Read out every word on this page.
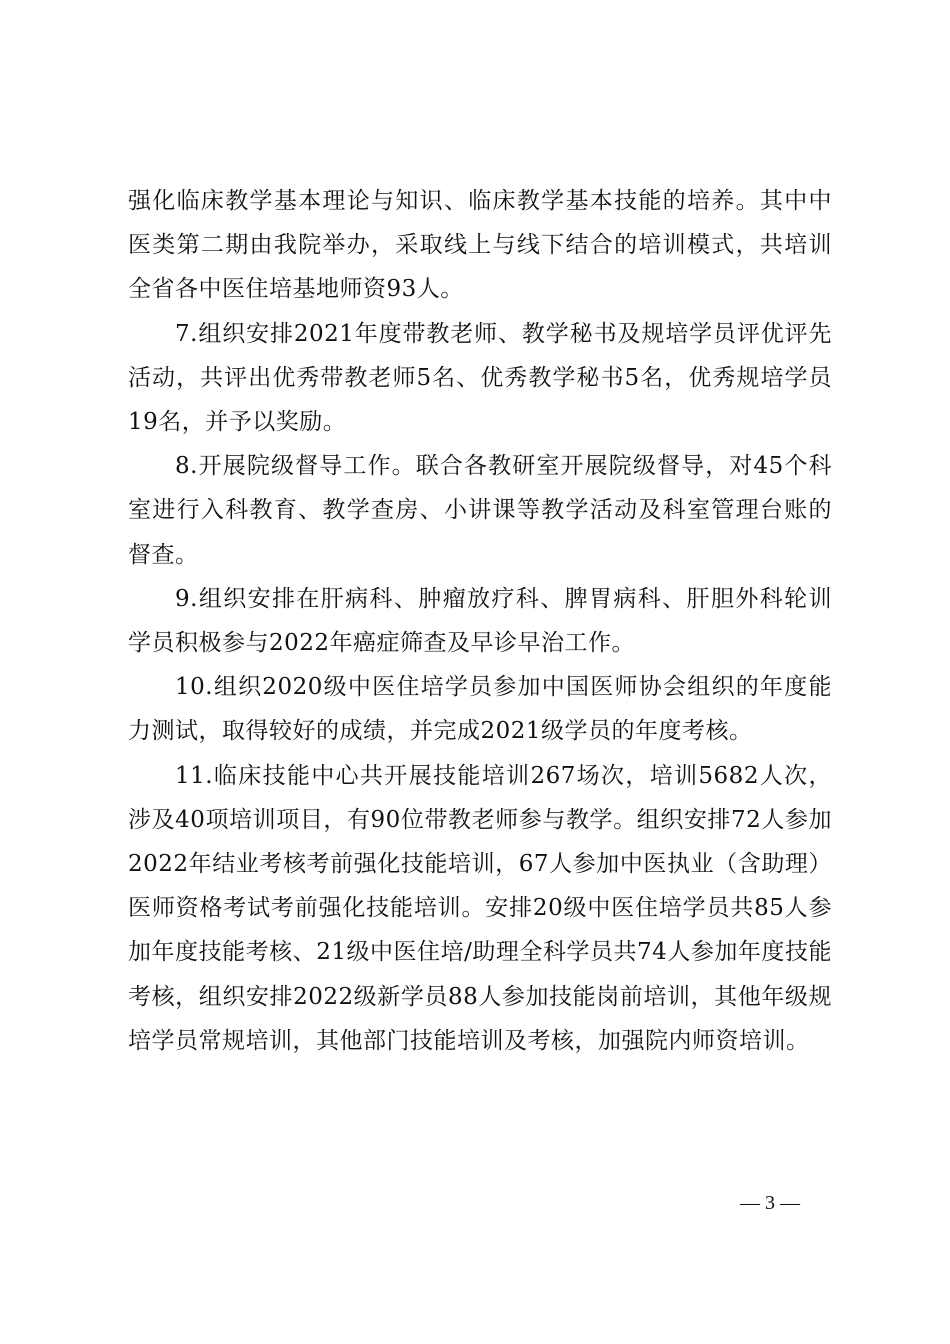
强化临床教学基本理论与知识、临床教学基本技能的培养。其中中医类第二期由我院举办，采取线上与线下结合的培训模式，共培训全省各中医住培基地师资93人。

7.组织安排2021年度带教老师、教学秘书及规培学员评优评先活动，共评出优秀带教老师5名、优秀教学秘书5名，优秀规培学员19名，并予以奖励。

8.开展院级督导工作。联合各教研室开展院级督导，对45个科室进行入科教育、教学查房、小讲课等教学活动及科室管理台账的督查。

9.组织安排在肝病科、肿瘤放疗科、脾胃病科、肝胆外科轮训学员积极参与2022年癌症筛查及早诊早治工作。

10.组织2020级中医住培学员参加中国医师协会组织的年度能力测试，取得较好的成绩，并完成2021级学员的年度考核。

11.临床技能中心共开展技能培训267场次，培训5682人次，涉及40项培训项目，有90位带教老师参与教学。组织安排72人参加2022年结业考核考前强化技能培训，67人参加中医执业（含助理）医师资格考试考前强化技能培训。安排20级中医住培学员共85人参加年度技能考核、21级中医住培/助理全科学员共74人参加年度技能考核，组织安排2022级新学员88人参加技能岗前培训，其他年级规培学员常规培训，其他部门技能培训及考核，加强院内师资培训。

— 3 —
